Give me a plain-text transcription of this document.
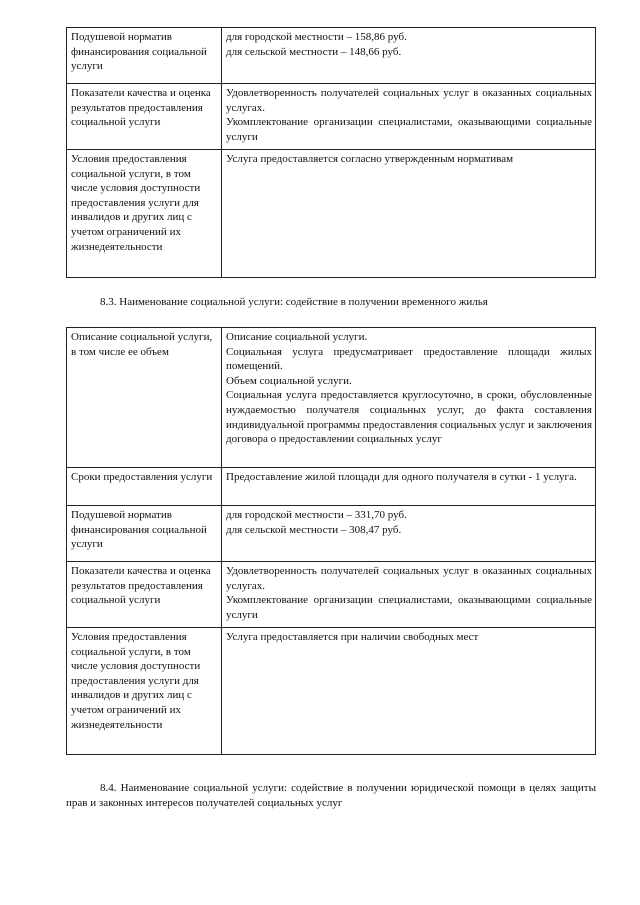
Подушевой норматив финансирования социальной услуги	для городской местности – 158,86 руб.

для сельской местности – 148,66 руб.

Показатели качества и оценка результатов предоставления социальной услуги	Удовлетворенность получателей социальных услуг в оказанных социальных услугах.

Укомплектование организации специалистами, оказывающими социальные услуги

Условия предоставления социальной услуги, в том числе условия доступности предоставления услуги для инвалидов и других лиц с учетом ограничений их жизнедеятельности	Услуга предоставляется согласно утвержденным нормативам

8.3. Наименование социальной услуги: содействие в получении временного жилья

Описание социальной услуги, в том числе ее объем	Описание социальной услуги.

Социальная услуга предусматривает предоставление площади жилых помещений.

Объем социальной услуги.

Социальная услуга предоставляется круглосуточно, в сроки, обусловленные нуждаемостью получателя социальных услуг, до факта составления индивидуальной программы предоставления социальных услуг и заключения договора о предоставлении социальных услуг

Сроки предоставления услуги	Предоставление жилой площади для одного получателя в сутки - 1 услуга.

Подушевой норматив финансирования социальной услуги	для городской местности – 331,70 руб.

для сельской местности – 308,47 руб.

Показатели качества и оценка результатов предоставления социальной услуги	Удовлетворенность получателей социальных услуг в оказанных социальных услугах.

Укомплектование организации специалистами, оказывающими социальные услуги

Условия предоставления социальной услуги, в том числе условия доступности предоставления услуги для инвалидов и других лиц с учетом ограничений их жизнедеятельности	Услуга предоставляется при наличии свободных мест

8.4. Наименование социальной услуги: содействие в получении юридической помощи в целях защиты прав и законных интересов получателей социальных услуг
